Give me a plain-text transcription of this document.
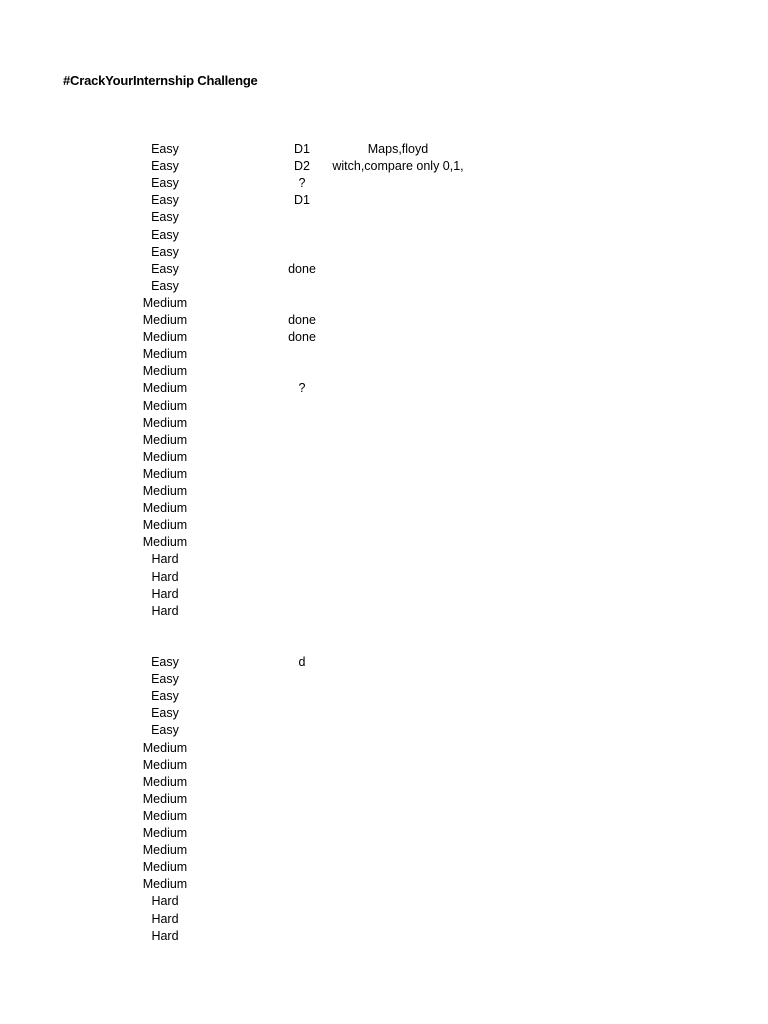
#CrackYourInternship Challenge
Easy	D1	Maps,floyd
Easy	D2	witch,compare only 0,1,
Easy	?
Easy	D1
Easy
Easy
Easy
Easy	done
Easy
Medium
Medium	done
Medium	done
Medium
Medium
Medium	?
Medium
Medium
Medium
Medium
Medium
Medium
Medium
Medium
Medium
Hard
Hard
Hard
Hard
Easy	d
Easy
Easy
Easy
Easy
Medium
Medium
Medium
Medium
Medium
Medium
Medium
Medium
Medium
Hard
Hard
Hard
